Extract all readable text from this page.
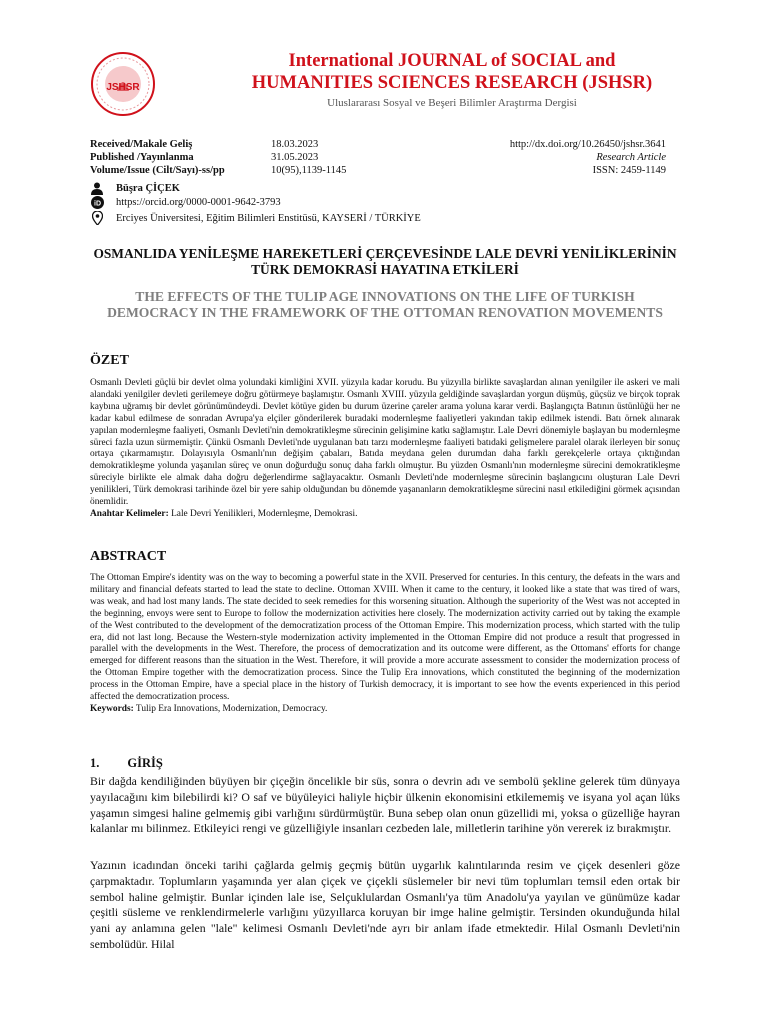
JSHSR
International JOURNAL of SOCIAL and
HUMANITIES SCIENCES RESEARCH (JSHSR)
Uluslararası Sosyal ve Beşeri Bilimler Araştırma Dergisi
Received/Makale Geliş
Published /Yayınlanma
Volume/Issue (Cilt/Sayı)-ss/pp
18.03.2023
31.05.2023
10(95),1139-1145
http://dx.doi.org/10.26450/jshsr.3641
Research Article
ISSN: 2459-1149
Büşra ÇİÇEK
iD https://orcid.org/0000-0001-9642-3793
Erciyes Üniversitesi, Eğitim Bilimleri Enstitüsü, KAYSERİ / TÜRKİYE
OSMANLIDA YENİLEŞME HAREKETLERİ ÇERÇEVESİNDE LALE DEVRİ YENİLİKLERİNİN TÜRK DEMOKRASİ HAYATINA ETKİLERİ
THE EFFECTS OF THE TULIP AGE INNOVATIONS ON THE LIFE OF TURKISH DEMOCRACY IN THE FRAMEWORK OF THE OTTOMAN RENOVATION MOVEMENTS
ÖZET
Osmanlı Devleti güçlü bir devlet olma yolundaki kimliğini XVII. yüzyıla kadar korudu. Bu yüzyılla birlikte savaşlardan alınan yenilgiler ile askeri ve mali alandaki yenilgiler devleti gerilemeye doğru götürmeye başlamıştır. Osmanlı XVIII. yüzyıla geldiğinde savaşlardan yorgun düşmüş, güçsüz ve birçok toprak kaybına uğramış bir devlet görünümündeydi. Devlet kötüye giden bu durum üzerine çareler arama yoluna karar verdi. Başlangıçta Batının üstünlüğü her ne kadar kabul edilmese de sonradan Avrupa'ya elçiler gönderilerek buradaki modernleşme faaliyetleri yakından takip edilmek istendi. Batı örnek alınarak yapılan modernleşme faaliyeti, Osmanlı Devleti'nin demokratikleşme sürecinin gelişimine katkı sağlamıştır. Lale Devri dönemiyle başlayan bu modernleşme süreci fazla uzun sürmemiştir. Çünkü Osmanlı Devleti'nde uygulanan batı tarzı modernleşme faaliyeti batıdaki gelişmelere paralel olarak ilerleyen bir sonuç ortaya çıkarmamıştır. Dolayısıyla Osmanlı'nın değişim çabaları, Batıda meydana gelen durumdan daha farklı gerekçelerle ortaya çıktığından demokratikleşme yolunda yaşanılan süreç ve onun doğurduğu sonuç daha farklı olmuştur. Bu yüzden Osmanlı'nın modernleşme sürecini demokratikleşme süreciyle birlikte ele almak daha doğru değerlendirme sağlayacaktır. Osmanlı Devleti'nde modernleşme sürecinin başlangıcını oluşturan Lale Devri yenilikleri, Türk demokrasi tarihinde özel bir yere sahip olduğundan bu dönemde yaşananların demokratikleşme sürecini nasıl etkilediğini görmek açısından önemlidir.
Anahtar Kelimeler: Lale Devri Yenilikleri, Modernleşme, Demokrasi.
ABSTRACT
The Ottoman Empire's identity was on the way to becoming a powerful state in the XVII. Preserved for centuries. In this century, the defeats in the wars and military and financial defeats started to lead the state to decline. Ottoman XVIII. When it came to the century, it looked like a state that was tired of wars, was weak, and had lost many lands. The state decided to seek remedies for this worsening situation. Although the superiority of the West was not accepted in the beginning, envoys were sent to Europe to follow the modernization activities here closely. The modernization activity carried out by taking the example of the West contributed to the development of the democratization process of the Ottoman Empire. This modernization process, which started with the tulip era, did not last long. Because the Western-style modernization activity implemented in the Ottoman Empire did not produce a result that progressed in parallel with the developments in the West. Therefore, the process of democratization and its outcome were different, as the Ottomans' efforts for change emerged for different reasons than the situation in the West. Therefore, it will provide a more accurate assessment to consider the modernization process of the Ottoman Empire together with the democratization process. Since the Tulip Era innovations, which constituted the beginning of the modernization process in the Ottoman Empire, have a special place in the history of Turkish democracy, it is important to see how the events experienced in this period affected the democratization process.
Keywords: Tulip Era Innovations, Modernization, Democracy.
1. GİRİŞ
Bir dağda kendiliğinden büyüyen bir çiçeğin öncelikle bir süs, sonra o devrin adı ve sembolü şekline gelerek tüm dünyaya yayılacağını kim bilebilirdi ki? O saf ve büyüleyici haliyle hiçbir ülkenin ekonomisini etkilememiş ve isyana yol açan lüks yaşamın simgesi haline gelmemiş gibi varlığını sürdürmüştür. Buna sebep olan onun güzellidi mi, yoksa o güzelliğe hayran kalanlar mı bilinmez. Etkileyici rengi ve güzelliğiyle insanları cezbeden lale, milletlerin tarihine yön vererek iz bırakmıştır.
Yazının icadından önceki tarihi çağlarda gelmiş geçmiş bütün uygarlık kalıntılarında resim ve çiçek desenleri göze çarpmaktadır. Toplumların yaşamında yer alan çiçek ve çiçekli süslemeler bir nevi tüm toplumları temsil eden ortak bir sembol haline gelmiştir. Bunlar içinden lale ise, Selçuklulardan Osmanlı'ya tüm Anadolu'ya yayılan ve günümüze kadar çeşitli süsleme ve renklendirmelerle varlığını yüzyıllarca koruyan bir imge haline gelmiştir. Tersinden okunduğunda hilal yani ay anlamına gelen "lale" kelimesi Osmanlı Devleti'nde ayrı bir anlam ifade etmektedir. Hilal Osmanlı Devleti'nin sembolüdür. Hilal
